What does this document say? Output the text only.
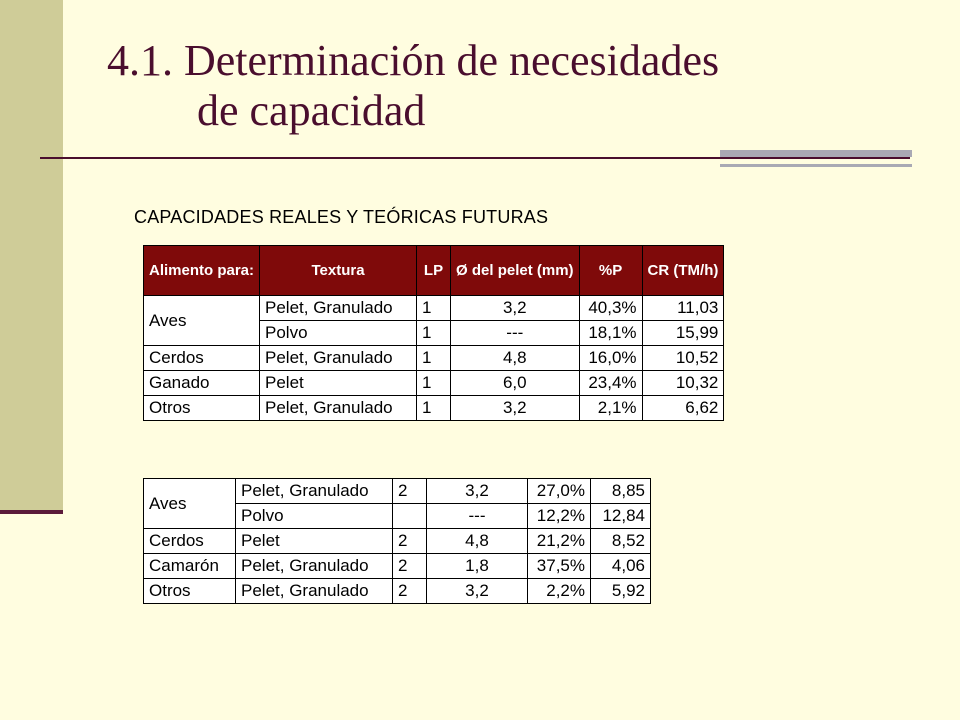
4.1. Determinación de necesidades
de capacidad
CAPACIDADES REALES Y TEÓRICAS FUTURAS
Alimento para:	Textura	LP	Ø del pelet (mm)	%P	CR (TM/h)
Aves	Pelet, Granulado	1	3,2	40,3%	11,03
	Polvo	1	---	18,1%	15,99
Cerdos	Pelet, Granulado	1	4,8	16,0%	10,52
Ganado	Pelet	1	6,0	23,4%	10,32
Otros	Pelet, Granulado	1	3,2	2,1%	6,62
Aves	Pelet, Granulado	2	3,2	27,0%	8,85
	Polvo		---	12,2%	12,84
Cerdos	Pelet	2	4,8	21,2%	8,52
Camarón	Pelet, Granulado	2	1,8	37,5%	4,06
Otros	Pelet, Granulado	2	3,2	2,2%	5,92
